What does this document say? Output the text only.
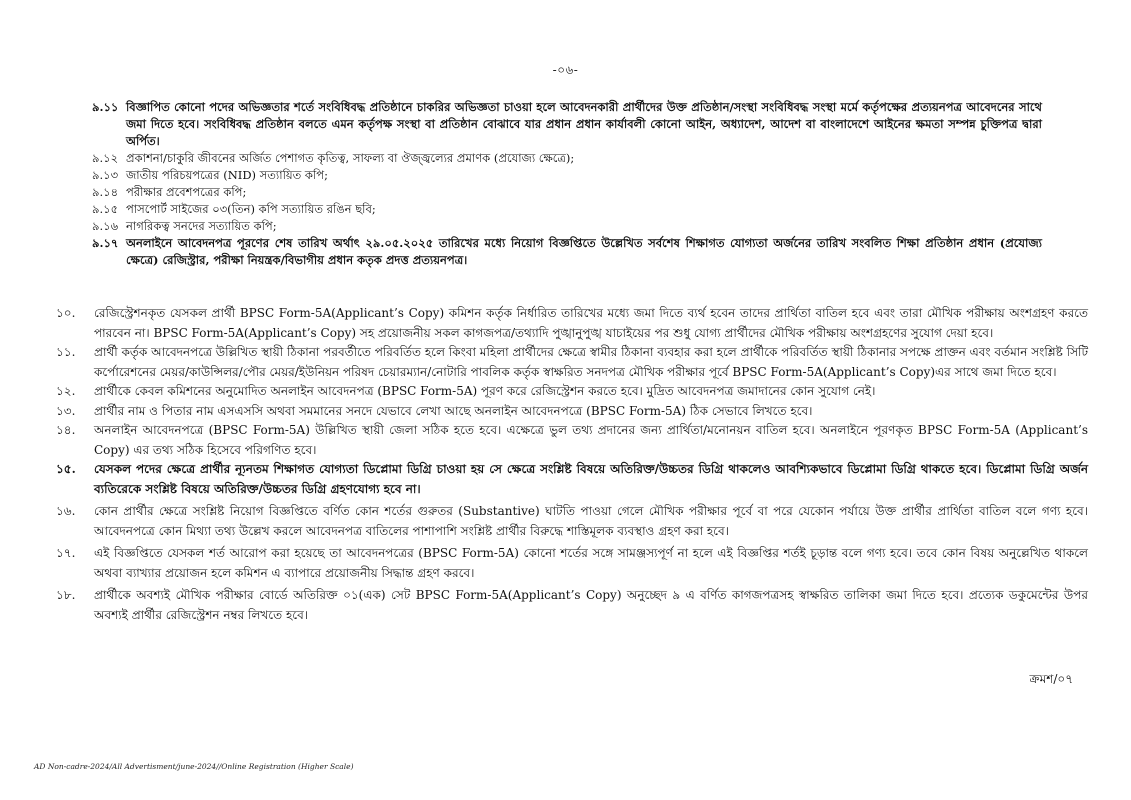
-০৬-
৯.১১ বিজ্ঞাপিত কোনো পদের অভিজ্ঞতার শর্তে সংবিধিবদ্ধ প্রতিষ্ঠানে চাকরির অভিজ্ঞতা চাওয়া হলে আবেদনকারী প্রার্থীদের উক্ত প্রতিষ্ঠান/সংস্থা সংবিধিবদ্ধ সংস্থা মর্মে কর্তৃপক্ষের প্রত্যয়নপত্র আবেদনের সাথে জমা দিতে হবে। সংবিধিবদ্ধ প্রতিষ্ঠান বলতে এমন কর্তৃপক্ষ সংস্থা বা প্রতিষ্ঠান বোঝাবে যার প্রধান প্রধান কার্যাবলী কোনো আইন, অধ্যাদেশ, আদেশ বা বাংলাদেশে আইনের ক্ষমতা সম্পন্ন চুক্তিপত্র দ্বারা অর্পিত।
৯.১২ প্রকাশনা/চাকুরি জীবনের অর্জিত পেশাগত কৃতিত্ব, সাফল্য বা ঔজ্জ্বল্যের প্রমাণক (প্রযোজ্য ক্ষেত্রে);
৯.১৩ জাতীয় পরিচয়পত্রের (NID) সত্যায়িত কপি;
৯.১৪ পরীক্ষার প্রবেশপত্রের কপি;
৯.১৫ পাসপোর্ট সাইজের ০৩(তিন) কপি সত্যায়িত রঙিন ছবি;
৯.১৬ নাগরিকত্ব সনদের সত্যায়িত কপি;
৯.১৭ অনলাইনে আবেদনপত্র পূরণের শেষ তারিখ অর্থাৎ ২৯.০৫.২০২৫ তারিখের মধ্যে নিয়োগ বিজ্ঞপ্তিতে উল্লেখিত সর্বশেষ শিক্ষাগত যোগ্যতা অর্জনের তারিখ সংবলিত শিক্ষা প্রতিষ্ঠান প্রধান (প্রযোজ্য ক্ষেত্রে) রেজিস্ট্রার, পরীক্ষা নিয়ন্ত্রক/বিভাগীয় প্রধান কতৃক প্রদত্ত প্রত্যয়নপত্র।
১০.	রেজিস্ট্রেশনকৃত যেসকল প্রার্থী BPSC Form-5A(Applicant’s Copy) কমিশন কর্তৃক নির্ধারিত তারিখের মধ্যে জমা দিতে ব্যর্থ হবেন তাদের প্রার্থিতা বাতিল হবে এবং তারা মৌখিক পরীক্ষায় অংশগ্রহণ করতে পারবেন না। BPSC Form-5A(Applicant’s Copy) সহ প্রয়োজনীয় সকল কাগজপত্র/তথ্যাদি পুঙ্খানুপুঙ্খ যাচাইয়ের পর শুধু যোগ্য প্রার্থীদের মৌখিক পরীক্ষায় অংশগ্রহণের সুযোগ দেয়া হবে।
১১.	প্রার্থী কর্তৃক আবেদনপত্রে উল্লিখিত স্থায়ী ঠিকানা পরবর্তীতে পরিবর্তিত হলে কিংবা মহিলা প্রার্থীদের ক্ষেত্রে স্বামীর ঠিকানা ব্যবহার করা হলে প্রার্থীকে পরিবর্তিত স্থায়ী ঠিকানার সপক্ষে প্রাক্তন এবং বর্তমান সংশ্লিষ্ট সিটি কর্পোরেশনের মেয়র/কাউন্সিলর/পৌর মেয়র/ইউনিয়ন পরিষদ চেয়ারম্যান/নোটারি পাবলিক কর্তৃক স্বাক্ষরিত সনদপত্র মৌখিক পরীক্ষার পূর্বে BPSC Form-5A(Applicant’s Copy)এর সাথে জমা দিতে হবে।
১২.	প্রার্থীকে কেবল কমিশনের অনুমোদিত অনলাইন আবেদনপত্র (BPSC Form-5A) পূরণ করে রেজিস্ট্রেশন করতে হবে। মুদ্রিত আবেদনপত্র জমাদানের কোন সুযোগ নেই।
১৩.	প্রার্থীর নাম ও পিতার নাম এসএসসি অথবা সমমানের সনদে যেভাবে লেখা আছে অনলাইন আবেদনপত্রে (BPSC Form-5A) ঠিক সেভাবে লিখতে হবে।
১৪.	অনলাইন আবেদনপত্রে (BPSC Form-5A) উল্লিখিত স্থায়ী জেলা সঠিক হতে হবে। এক্ষেত্রে ভুল তথ্য প্রদানের জন্য প্রার্থিতা/মনোনয়ন বাতিল হবে। অনলাইনে পূরণকৃত BPSC Form-5A (Applicant’s Copy) এর তথ্য সঠিক হিসেবে পরিগণিত হবে।
১৫.	যেসকল পদের ক্ষেত্রে প্রার্থীর ন্যূনতম শিক্ষাগত যোগ্যতা ডিপ্লোমা ডিগ্রি চাওয়া হয় সে ক্ষেত্রে সংশ্লিষ্ট বিষয়ে অতিরিক্ত/উচ্চতর ডিগ্রি থাকলেও আবশ্যিকভাবে ডিপ্লোমা ডিগ্রি থাকতে হবে। ডিপ্লোমা ডিগ্রি অর্জন ব্যতিরেকে সংশ্লিষ্ট বিষয়ে অতিরিক্ত/উচ্চতর ডিগ্রি গ্রহণযোগ্য হবে না।
১৬.	কোন প্রার্থীর ক্ষেত্রে সংশ্লিষ্ট নিয়োগ বিজ্ঞপ্তিতে বর্ণিত কোন শর্তের গুরুতর (Substantive) ঘাটতি পাওয়া গেলে মৌখিক পরীক্ষার পূর্বে বা পরে যেকোন পর্যায়ে উক্ত প্রার্থীর প্রার্থিতা বাতিল বলে গণ্য হবে। আবেদনপত্রে কোন মিথ্যা তথ্য উল্লেখ করলে আবেদনপত্র বাতিলের পাশাপাশি সংশ্লিষ্ট প্রার্থীর বিরুদ্ধে শাস্তিমূলক ব্যবস্থাও গ্রহণ করা হবে।
১৭.	এই বিজ্ঞপ্তিতে যেসকল শর্ত আরোপ করা হয়েছে তা আবেদনপত্রের (BPSC Form-5A) কোনো শর্তের সঙ্গে সামঞ্জস্যপূর্ণ না হলে এই বিজ্ঞপ্তির শর্তই চূড়ান্ত বলে গণ্য হবে। তবে কোন বিষয় অনুল্লেখিত থাকলে অথবা ব্যাখ্যার প্রয়োজন হলে কমিশন এ ব্যাপারে প্রয়োজনীয় সিদ্ধান্ত গ্রহণ করবে।
১৮.	প্রার্থীকে অবশ্যই মৌখিক পরীক্ষার বোর্ডে অতিরিক্ত ০১(এক) সেট BPSC Form-5A(Applicant’s Copy) অনুচ্ছেদ ৯ এ বর্ণিত কাগজপত্রসহ স্বাক্ষরিত তালিকা জমা দিতে হবে। প্রত্যেক ডকুমেন্টের উপর অবশ্যই প্রার্থীর রেজিস্ট্রেশন নম্বর লিখতে হবে।
ক্রমশ/০৭
AD Non-cadre-2024/All Advertisment/june-2024//Online Registration (Higher Scale)
